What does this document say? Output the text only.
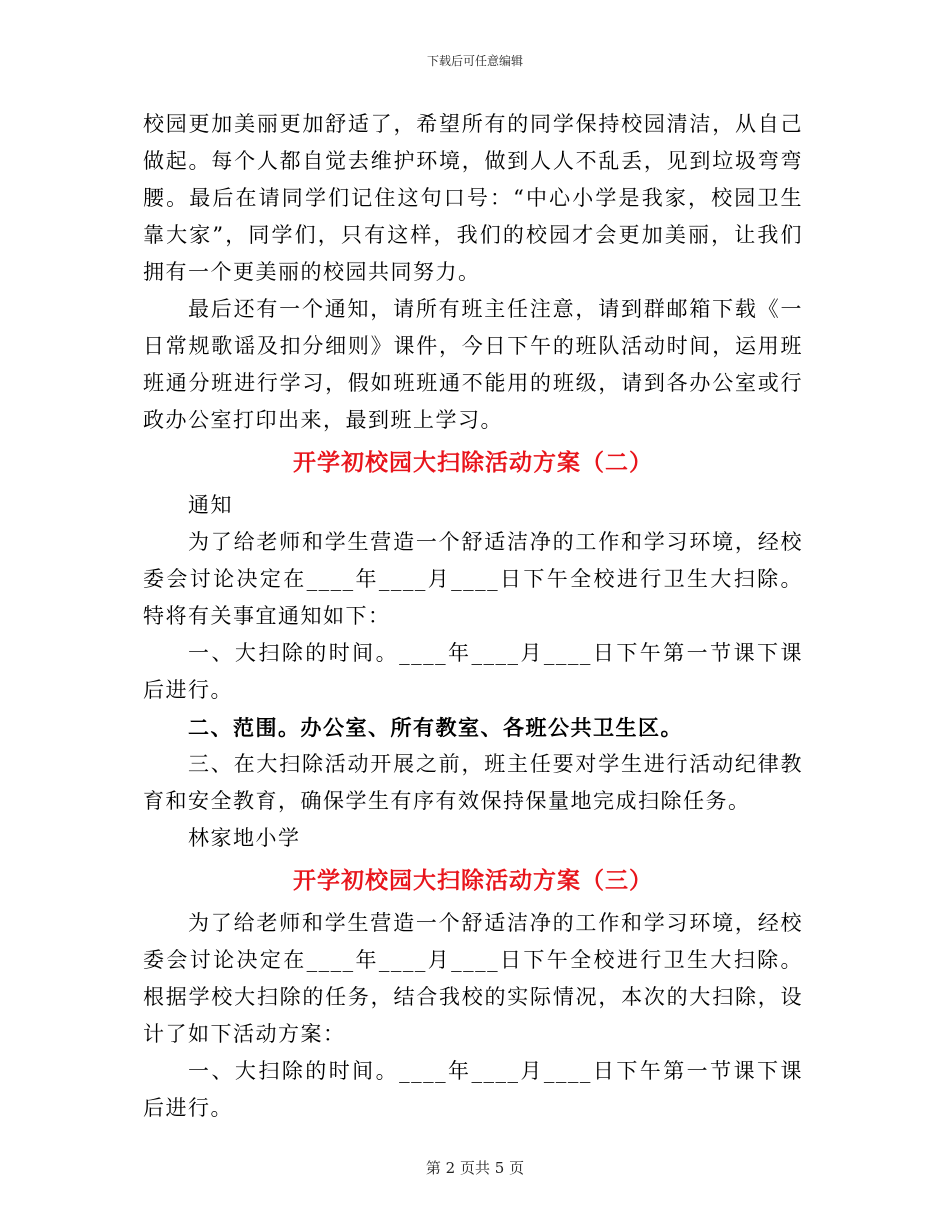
下载后可任意编辑

校园更加美丽更加舒适了，希望所有的同学保持校园清洁，从自己做起。每个人都自觉去维护环境，做到人人不乱丢，见到垃圾弯弯腰。最后在请同学们记住这句口号：“中心小学是我家，校园卫生靠大家”，同学们，只有这样，我们的校园才会更加美丽，让我们拥有一个更美丽的校园共同努力。

最后还有一个通知，请所有班主任注意，请到群邮箱下载《一日常规歌谣及扣分细则》课件，今日下午的班队活动时间，运用班班通分班进行学习，假如班班通不能用的班级，请到各办公室或行政办公室打印出来，最到班上学习。

开学初校园大扫除活动方案（二）

通知

为了给老师和学生营造一个舒适洁净的工作和学习环境，经校委会讨论决定在____年____月____日下午全校进行卫生大扫除。特将有关事宜通知如下：

一、大扫除的时间。____年____月____日下午第一节课下课后进行。

二、范围。办公室、所有教室、各班公共卫生区。

三、在大扫除活动开展之前，班主任要对学生进行活动纪律教育和安全教育，确保学生有序有效保持保量地完成扫除任务。

林家地小学

开学初校园大扫除活动方案（三）

为了给老师和学生营造一个舒适洁净的工作和学习环境，经校委会讨论决定在____年____月____日下午全校进行卫生大扫除。根据学校大扫除的任务，结合我校的实际情况，本次的大扫除，设计了如下活动方案：

一、大扫除的时间。____年____月____日下午第一节课下课后进行。

第 2 页共 5 页
